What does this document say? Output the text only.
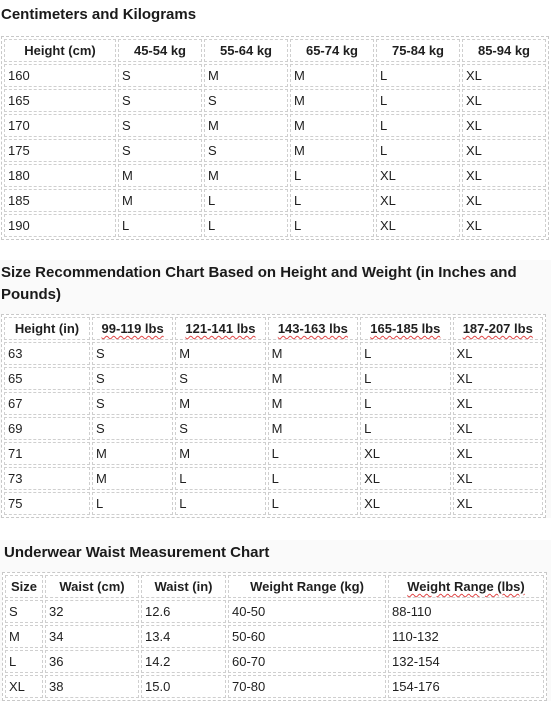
Centimeters and Kilograms
Height (cm)	45-54 kg	55-64 kg	65-74 kg	75-84 kg	85-94 kg
160	S	M	M	L	XL
165	S	S	M	L	XL
170	S	M	M	L	XL
175	S	S	M	L	XL
180	M	M	L	XL	XL
185	M	L	L	XL	XL
190	L	L	L	XL	XL
Size Recommendation Chart Based on Height and Weight (in Inches and Pounds)
Height (in)	99-119 lbs	121-141 lbs	143-163 lbs	165-185 lbs	187-207 lbs
63	S	M	M	L	XL
65	S	S	M	L	XL
67	S	M	M	L	XL
69	S	S	M	L	XL
71	M	M	L	XL	XL
73	M	L	L	XL	XL
75	L	L	L	XL	XL
Underwear Waist Measurement Chart
Size	Waist (cm)	Waist (in)	Weight Range (kg)	Weight Range (lbs)
S	32	12.6	40-50	88-110
M	34	13.4	50-60	110-132
L	36	14.2	60-70	132-154
XL	38	15.0	70-80	154-176
